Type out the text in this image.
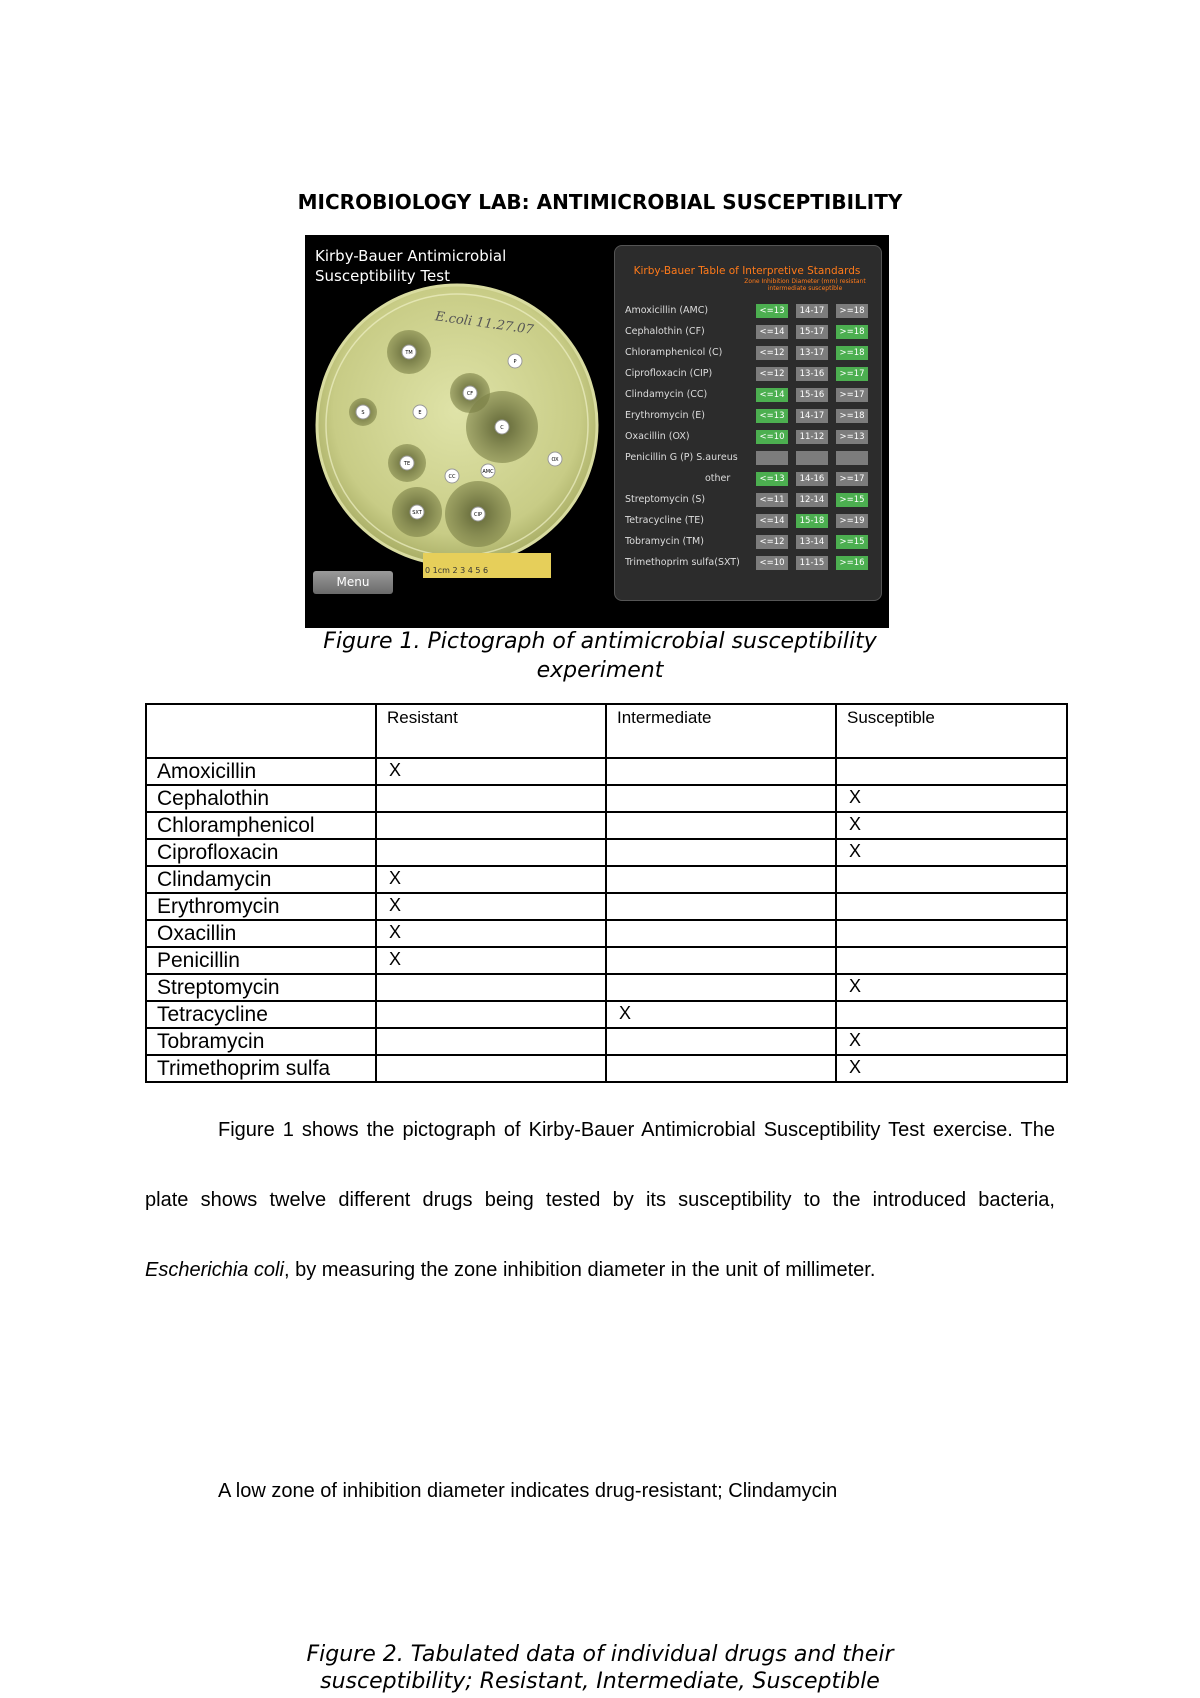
MICROBIOLOGY LAB: ANTIMICROBIAL SUSCEPTIBILITY
Kirby-Bauer Antimicrobial
Susceptibility Test
E.coli 11.27.07
TM
P
S	E
CF
C
OX
TE
CC
AMC
SXT	CIP
0 1cm 2 3 4 5 6
Menu
Kirby-Bauer Table of Interpretive Standards
Zone Inhibition Diameter (mm) resistant intermediate susceptible
Amoxicillin (AMC)	<=13	14-17	>=18
Cephalothin (CF)	<=14	15-17	>=18
Chloramphenicol (C)	<=12	13-17	>=18
Ciprofloxacin (CIP)	<=12	13-16	>=17
Clindamycin (CC)	<=14	15-16	>=17
Erythromycin (E)	<=13	14-17	>=18
Oxacillin (OX)	<=10	11-12	>=13
Penicillin G (P) S.aureus
other	<=13	14-16	>=17
Streptomycin (S)	<=11	12-14	>=15
Tetracycline (TE)	<=14	15-18	>=19
Tobramycin (TM)	<=12	13-14	>=15
Trimethoprim sulfa(SXT)	<=10	11-15	>=16
Figure 1. Pictograph of antimicrobial susceptibility
experiment
	Resistant	Intermediate	Susceptible
Amoxicillin	X		
Cephalothin			X
Chloramphenicol			X
Ciprofloxacin			X
Clindamycin	X		
Erythromycin	X		
Oxacillin	X		
Penicillin	X		
Streptomycin			X
Tetracycline		X	
Tobramycin			X
Trimethoprim sulfa			X
Figure 1 shows the pictograph of Kirby-Bauer Antimicrobial Susceptibility Test exercise. The plate shows twelve different drugs being tested by its susceptibility to the introduced bacteria, Escherichia coli, by measuring the zone inhibition diameter in the unit of millimeter.
A low zone of inhibition diameter indicates drug-resistant; Clindamycin
Figure 2. Tabulated data of individual drugs and their
susceptibility; Resistant, Intermediate, Susceptible
